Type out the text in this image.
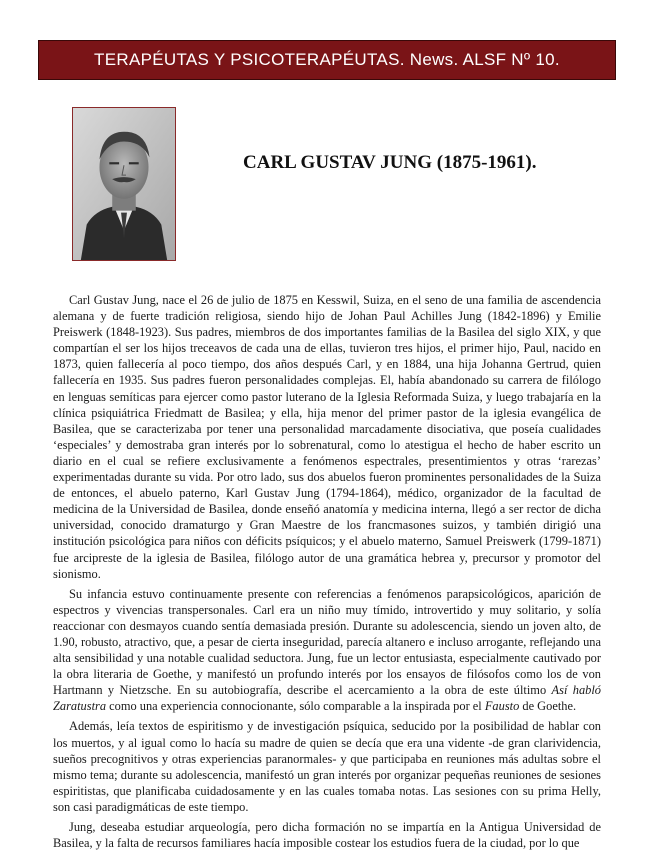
TERAPÉUTAS Y PSICOTERAPÉUTAS. News. ALSF Nº 10.
CARL GUSTAV JUNG (1875-1961).

Carl Gustav Jung, nace el 26 de julio de 1875 en Kesswil, Suiza, en el seno de una familia de ascendencia alemana y de fuerte tradición religiosa, siendo hijo de Johan Paul Achilles Jung (1842-1896) y Emilie Preiswerk (1848-1923). Sus padres, miembros de dos importantes familias de la Basilea del siglo XIX, y que compartían el ser los hijos treceavos de cada una de ellas, tuvieron tres hijos, el primer hijo, Paul, nacido en 1873, quien fallecería al poco tiempo, dos años después Carl, y en 1884, una hija Johanna Gertrud, quien fallecería en 1935. Sus padres fueron personalidades complejas. El, había abandonado su carrera de filólogo en lenguas semíticas para ejercer como pastor luterano de la Iglesia Reformada Suiza, y luego trabajaría en la clínica psiquiátrica Friedmatt de Basilea; y ella, hija menor del primer pastor de la iglesia evangélica de Basilea, que se caracterizaba por tener una personalidad marcadamente disociativa, que poseía cualidades ‘especiales’ y demostraba gran interés por lo sobrenatural, como lo atestigua el hecho de haber escrito un diario en el cual se refiere exclusivamente a fenómenos espectrales, presentimientos y otras ‘rarezas’ experimentadas durante su vida. Por otro lado, sus dos abuelos fueron prominentes personalidades de la Suiza de entonces, el abuelo paterno, Karl Gustav Jung (1794-1864), médico, organizador de la facultad de medicina de la Universidad de Basilea, donde enseñó anatomía y medicina interna, llegó a ser rector de dicha universidad, conocido dramaturgo y Gran Maestre de los francmasones suizos, y también dirigió una institución psicológica para niños con déficits psíquicos; y el abuelo materno, Samuel Preiswerk (1799-1871) fue arcipreste de la iglesia de Basilea, filólogo autor de una gramática hebrea y, precursor y promotor del sionismo.

Su infancia estuvo continuamente presente con referencias a fenómenos parapsicológicos, aparición de espectros y vivencias transpersonales. Carl era un niño muy tímido, introvertido y muy solitario, y solía reaccionar con desmayos cuando sentía demasiada presión. Durante su adolescencia, siendo un joven alto, de 1.90, robusto, atractivo, que, a pesar de cierta inseguridad, parecía altanero e incluso arrogante, reflejando una alta sensibilidad y una notable cualidad seductora. Jung, fue un lector entusiasta, especialmente cautivado por la obra literaria de Goethe, y manifestó un profundo interés por los ensayos de filósofos como los de von Hartmann y Nietzsche. En su autobiografía, describe el acercamiento a la obra de este último Así habló Zaratustra como una experiencia connocionante, sólo comparable a la inspirada por el Fausto de Goethe.

Además, leía textos de espiritismo y de investigación psíquica, seducido por la posibilidad de hablar con los muertos, y al igual como lo hacía su madre de quien se decía que era una vidente -de gran clarividencia, sueños precognitivos y otras experiencias paranormales- y que participaba en reuniones más adultas sobre el mismo tema; durante su adolescencia, manifestó un gran interés por organizar pequeñas reuniones de sesiones espiritistas, que planificaba cuidadosamente y en las cuales tomaba notas. Las sesiones con su prima Helly, son casi paradigmáticas de este tiempo.

Jung, deseaba estudiar arqueología, pero dicha formación no se impartía en la Antigua Universidad de Basilea, y la falta de recursos familiares hacía imposible costear los estudios fuera de la ciudad, por lo que
